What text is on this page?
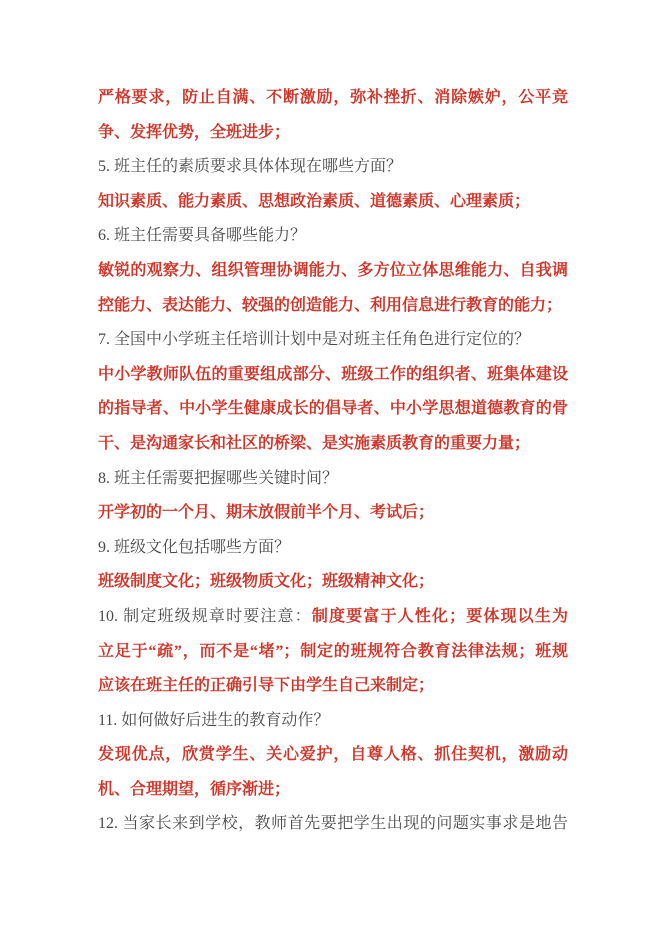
严格要求，防止自满、不断激励，弥补挫折、消除嫉妒，公平竞

争、发挥优势，全班进步；

5. 班主任的素质要求具体体现在哪些方面？

知识素质、能力素质、思想政治素质、道德素质、心理素质；

6. 班主任需要具备哪些能力？

敏锐的观察力、组织管理协调能力、多方位立体思维能力、自我调

控能力、表达能力、较强的创造能力、利用信息进行教育的能力；

7. 全国中小学班主任培训计划中是对班主任角色进行定位的？

中小学教师队伍的重要组成部分、班级工作的组织者、班集体建设

的指导者、中小学生健康成长的倡导者、中小学思想道德教育的骨

干、是沟通家长和社区的桥梁、是实施素质教育的重要力量；

8. 班主任需要把握哪些关键时间？

开学初的一个月、期末放假前半个月、考试后；

9. 班级文化包括哪些方面？

班级制度文化；班级物质文化；班级精神文化；

10. 制定班级规章时要注意：制度要富于人性化；要体现以生为

立足于“疏”，而不是“堵”；制定的班规符合教育法律法规；班规

应该在班主任的正确引导下由学生自己来制定；

11. 如何做好后进生的教育动作？

发现优点，欣赏学生、关心爱护，自尊人格、抓住契机，激励动

机、合理期望，循序渐进；

12. 当家长来到学校，教师首先要把学生出现的问题实事求是地告
